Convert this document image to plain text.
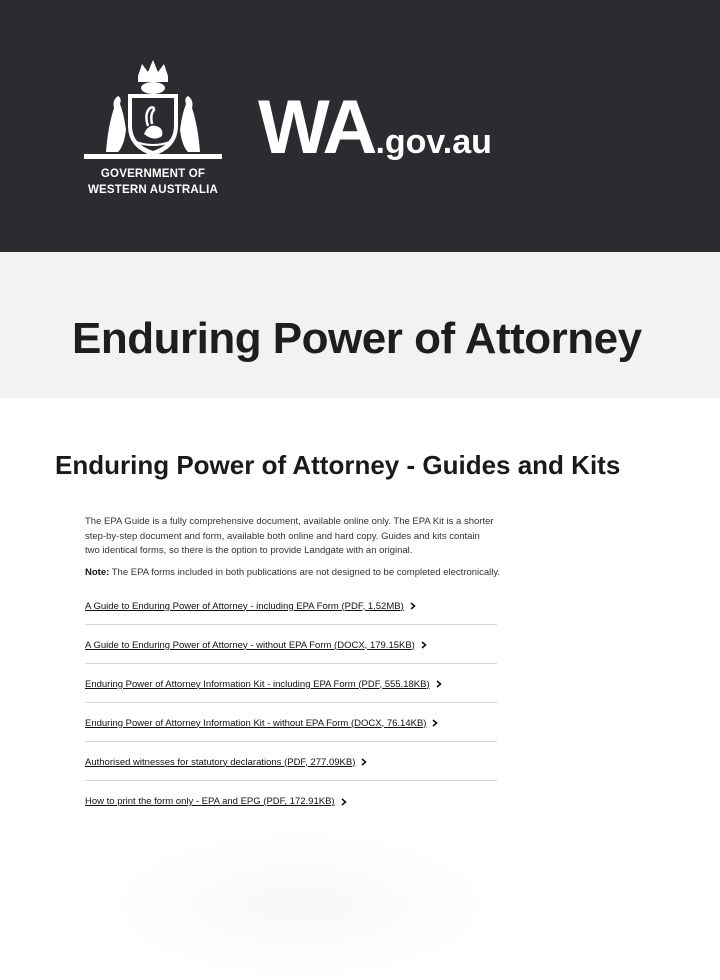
GOVERNMENT OF
WESTERN AUSTRALIA
WA.gov.au
Enduring Power of Attorney
Enduring Power of Attorney - Guides and Kits

The EPA Guide is a fully comprehensive document, available online only. The EPA Kit is a shorter step-by-step document and form, available both online and hard copy. Guides and kits contain two identical forms, so there is the option to provide Landgate with an original.

Note: The EPA forms included in both publications are not designed to be completed electronically.

A Guide to Enduring Power of Attorney - including EPA Form (PDF, 1.52MB)
A Guide to Enduring Power of Attorney - without EPA Form (DOCX, 179.15KB)
Enduring Power of Attorney Information Kit - including EPA Form (PDF, 555.18KB)
Enduring Power of Attorney Information Kit - without EPA Form (DOCX, 76.14KB)
Authorised witnesses for statutory declarations (PDF, 277.09KB)
How to print the form only - EPA and EPG (PDF, 172.91KB)
